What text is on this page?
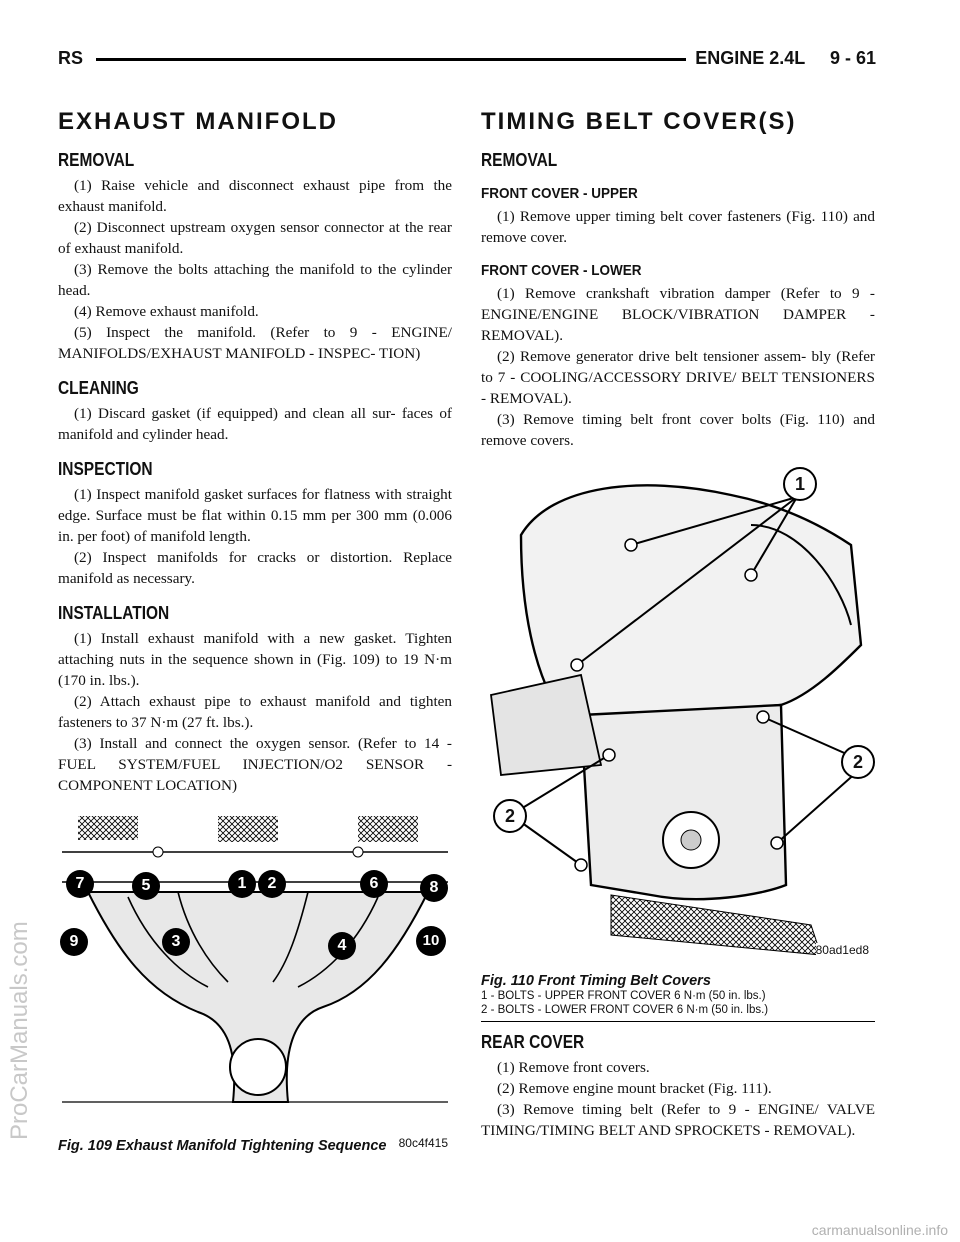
RS	ENGINE 2.4L     9 - 61
EXHAUST MANIFOLD
REMOVAL

(1) Raise vehicle and disconnect exhaust pipe from the exhaust manifold.

(2) Disconnect upstream oxygen sensor connector at the rear of exhaust manifold.

(3) Remove the bolts attaching the manifold to the cylinder head.

(4) Remove exhaust manifold.

(5) Inspect the manifold. (Refer to 9 - ENGINE/ MANIFOLDS/EXHAUST MANIFOLD - INSPEC- TION)

CLEANING

(1) Discard gasket (if equipped) and clean all sur- faces of manifold and cylinder head.

INSPECTION

(1) Inspect manifold gasket surfaces for flatness with straight edge. Surface must be flat within 0.15 mm per 300 mm (0.006 in. per foot) of manifold length.

(2) Inspect manifolds for cracks or distortion. Replace manifold as necessary.

INSTALLATION

(1) Install exhaust manifold with a new gasket. Tighten attaching nuts in the sequence shown in (Fig. 109) to 19 N·m (170 in. lbs.).

(2) Attach exhaust pipe to exhaust manifold and tighten fasteners to 37 N·m (27 ft. lbs.).

(3) Install and connect the oxygen sensor. (Refer to 14 - FUEL SYSTEM/FUEL INJECTION/O2 SENSOR - COMPONENT LOCATION)

7	5	1	2	6	8
9	3	4	10
80c4f415
Fig. 109 Exhaust Manifold Tightening Sequence
TIMING BELT COVER(S)
REMOVAL
FRONT COVER - UPPER

(1) Remove upper timing belt cover fasteners (Fig. 110) and remove cover.

FRONT COVER - LOWER

(1) Remove crankshaft vibration damper (Refer to 9 - ENGINE/ENGINE BLOCK/VIBRATION DAMPER - REMOVAL).

(2) Remove generator drive belt tensioner assem- bly (Refer to 7 - COOLING/ACCESSORY DRIVE/ BELT TENSIONERS - REMOVAL).

(3) Remove timing belt front cover bolts (Fig. 110) and remove covers.

1
2
2
80ad1ed8
Fig. 110 Front Timing Belt Covers
1 - BOLTS - UPPER FRONT COVER 6 N·m (50 in. lbs.)
2 - BOLTS - LOWER FRONT COVER 6 N·m (50 in. lbs.)
REAR COVER

(1) Remove front covers.

(2) Remove engine mount bracket (Fig. 111).

(3) Remove timing belt (Refer to 9 - ENGINE/ VALVE TIMING/TIMING BELT AND SPROCKETS - REMOVAL).

ProCarManuals.com
carmanualsonline.info
